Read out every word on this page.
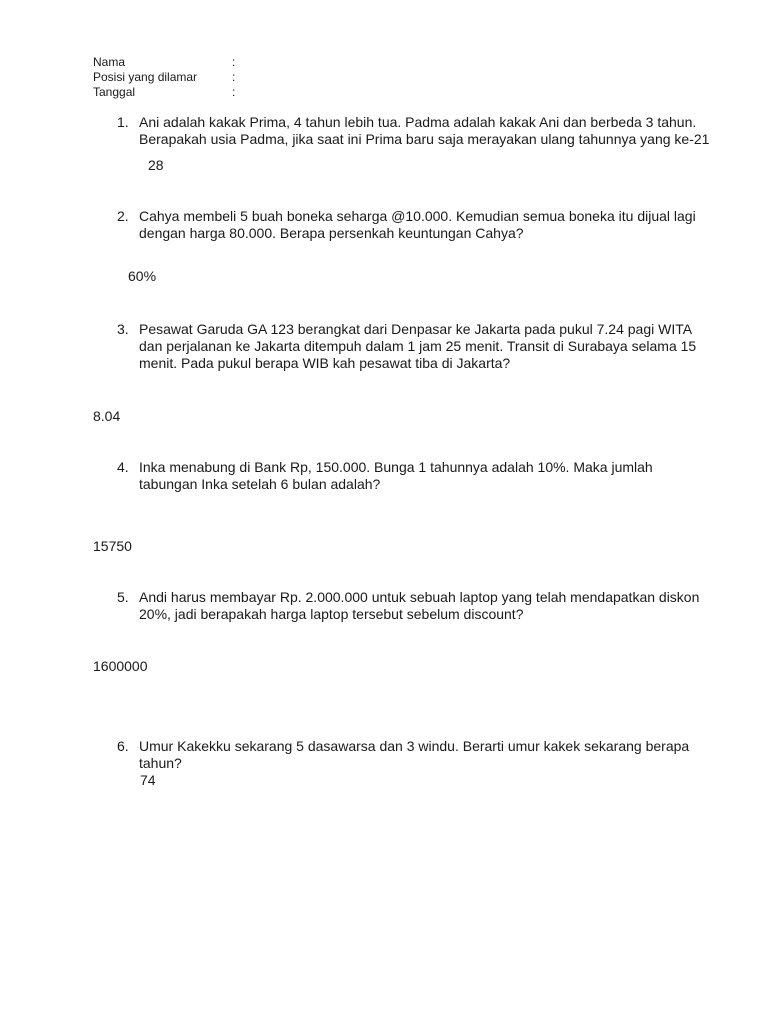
Nama	:
Posisi yang dilamar	:
Tanggal	:
1. Ani adalah kakak Prima, 4 tahun lebih tua. Padma adalah kakak Ani dan berbeda 3 tahun.
Berapakah usia Padma, jika saat ini Prima baru saja merayakan ulang tahunnya yang ke-21
28
2. Cahya membeli 5 buah boneka seharga @10.000. Kemudian semua boneka itu dijual lagi
dengan harga 80.000. Berapa persenkah keuntungan Cahya?
60%
3. Pesawat Garuda GA 123 berangkat dari Denpasar ke Jakarta pada pukul 7.24 pagi WITA
dan perjalanan ke Jakarta ditempuh dalam 1 jam 25 menit. Transit di Surabaya selama 15
menit. Pada pukul berapa WIB kah pesawat tiba di Jakarta?
8.04
4. Inka menabung di Bank Rp, 150.000. Bunga 1 tahunnya adalah 10%. Maka jumlah
tabungan Inka setelah 6 bulan adalah?
15750
5. Andi harus membayar Rp. 2.000.000 untuk sebuah laptop yang telah mendapatkan diskon
20%, jadi berapakah harga laptop tersebut sebelum discount?
1600000
6. Umur Kakekku sekarang 5 dasawarsa dan 3 windu. Berarti umur kakek sekarang berapa
tahun?
74
